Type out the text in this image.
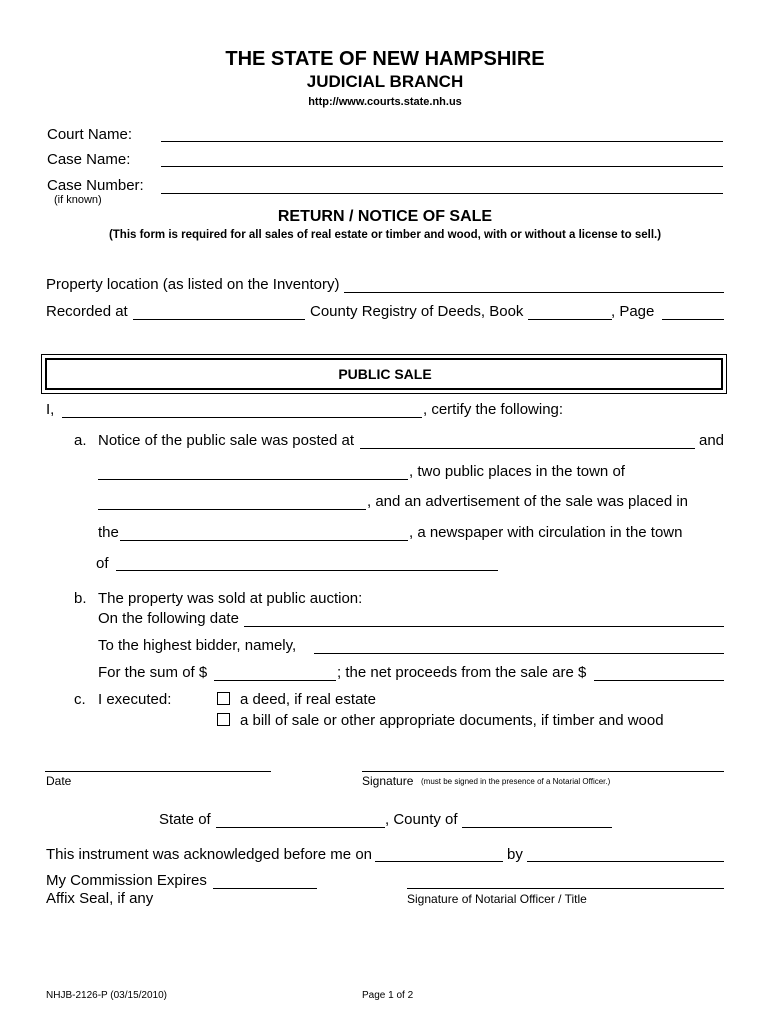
THE STATE OF NEW HAMPSHIRE
JUDICIAL BRANCH
http://www.courts.state.nh.us
Court Name:
Case Name:
Case Number:
(if known)
RETURN / NOTICE OF SALE
(This form is required for all sales of real estate or timber and wood, with or without a license to sell.)
Property location (as listed on the Inventory)
Recorded at	County Registry of Deeds, Book	, Page
PUBLIC SALE
I,	, certify the following:
a. Notice of the public sale was posted at	and
, two public places in the town of
, and an advertisement of the sale was placed in
the	, a newspaper with circulation in the town
of
b. The property was sold at public auction:
On the following date
To the highest bidder, namely,
For the sum of $	; the net proceeds from the sale are $
c. I executed:	a deed, if real estate
a bill of sale or other appropriate documents, if timber and wood
Date	Signature (must be signed in the presence of a Notarial Officer.)
State of	, County of
This instrument was acknowledged before me on	by
My Commission Expires
Affix Seal, if any	Signature of Notarial Officer / Title
NHJB-2126-P (03/15/2010)	Page 1 of 2
